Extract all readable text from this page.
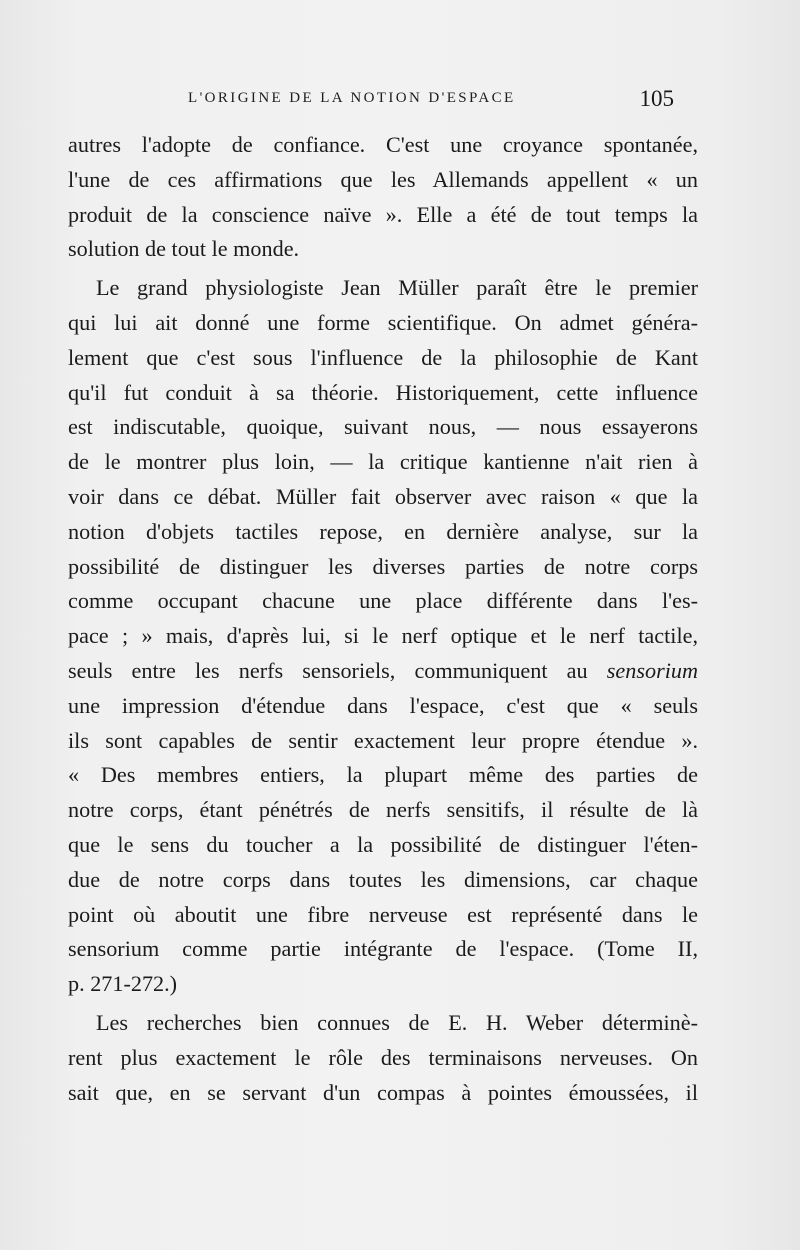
L'ORIGINE DE LA NOTION D'ESPACE	105
autres l'adopte de confiance. C'est une croyance spontanée,
l'une de ces affirmations que les Allemands appellent « un
produit de la conscience naïve ». Elle a été de tout temps la
solution de tout le monde.
Le grand physiologiste Jean Müller paraît être le premier
qui lui ait donné une forme scientifique. On admet généra-
lement que c'est sous l'influence de la philosophie de Kant
qu'il fut conduit à sa théorie. Historiquement, cette influence
est indiscutable, quoique, suivant nous, — nous essayerons
de le montrer plus loin, — la critique kantienne n'ait rien à
voir dans ce débat. Müller fait observer avec raison « que la
notion d'objets tactiles repose, en dernière analyse, sur la
possibilité de distinguer les diverses parties de notre corps
comme occupant chacune une place différente dans l'es-
pace ; » mais, d'après lui, si le nerf optique et le nerf tactile,
seuls entre les nerfs sensoriels, communiquent au sensorium
une impression d'étendue dans l'espace, c'est que « seuls
ils sont capables de sentir exactement leur propre étendue ».
« Des membres entiers, la plupart même des parties de
notre corps, étant pénétrés de nerfs sensitifs, il résulte de là
que le sens du toucher a la possibilité de distinguer l'éten-
due de notre corps dans toutes les dimensions, car chaque
point où aboutit une fibre nerveuse est représenté dans le
sensorium comme partie intégrante de l'espace. (Tome II,
p. 271-272.)
Les recherches bien connues de E. H. Weber déterminè-
rent plus exactement le rôle des terminaisons nerveuses. On
sait que, en se servant d'un compas à pointes émoussées, il
